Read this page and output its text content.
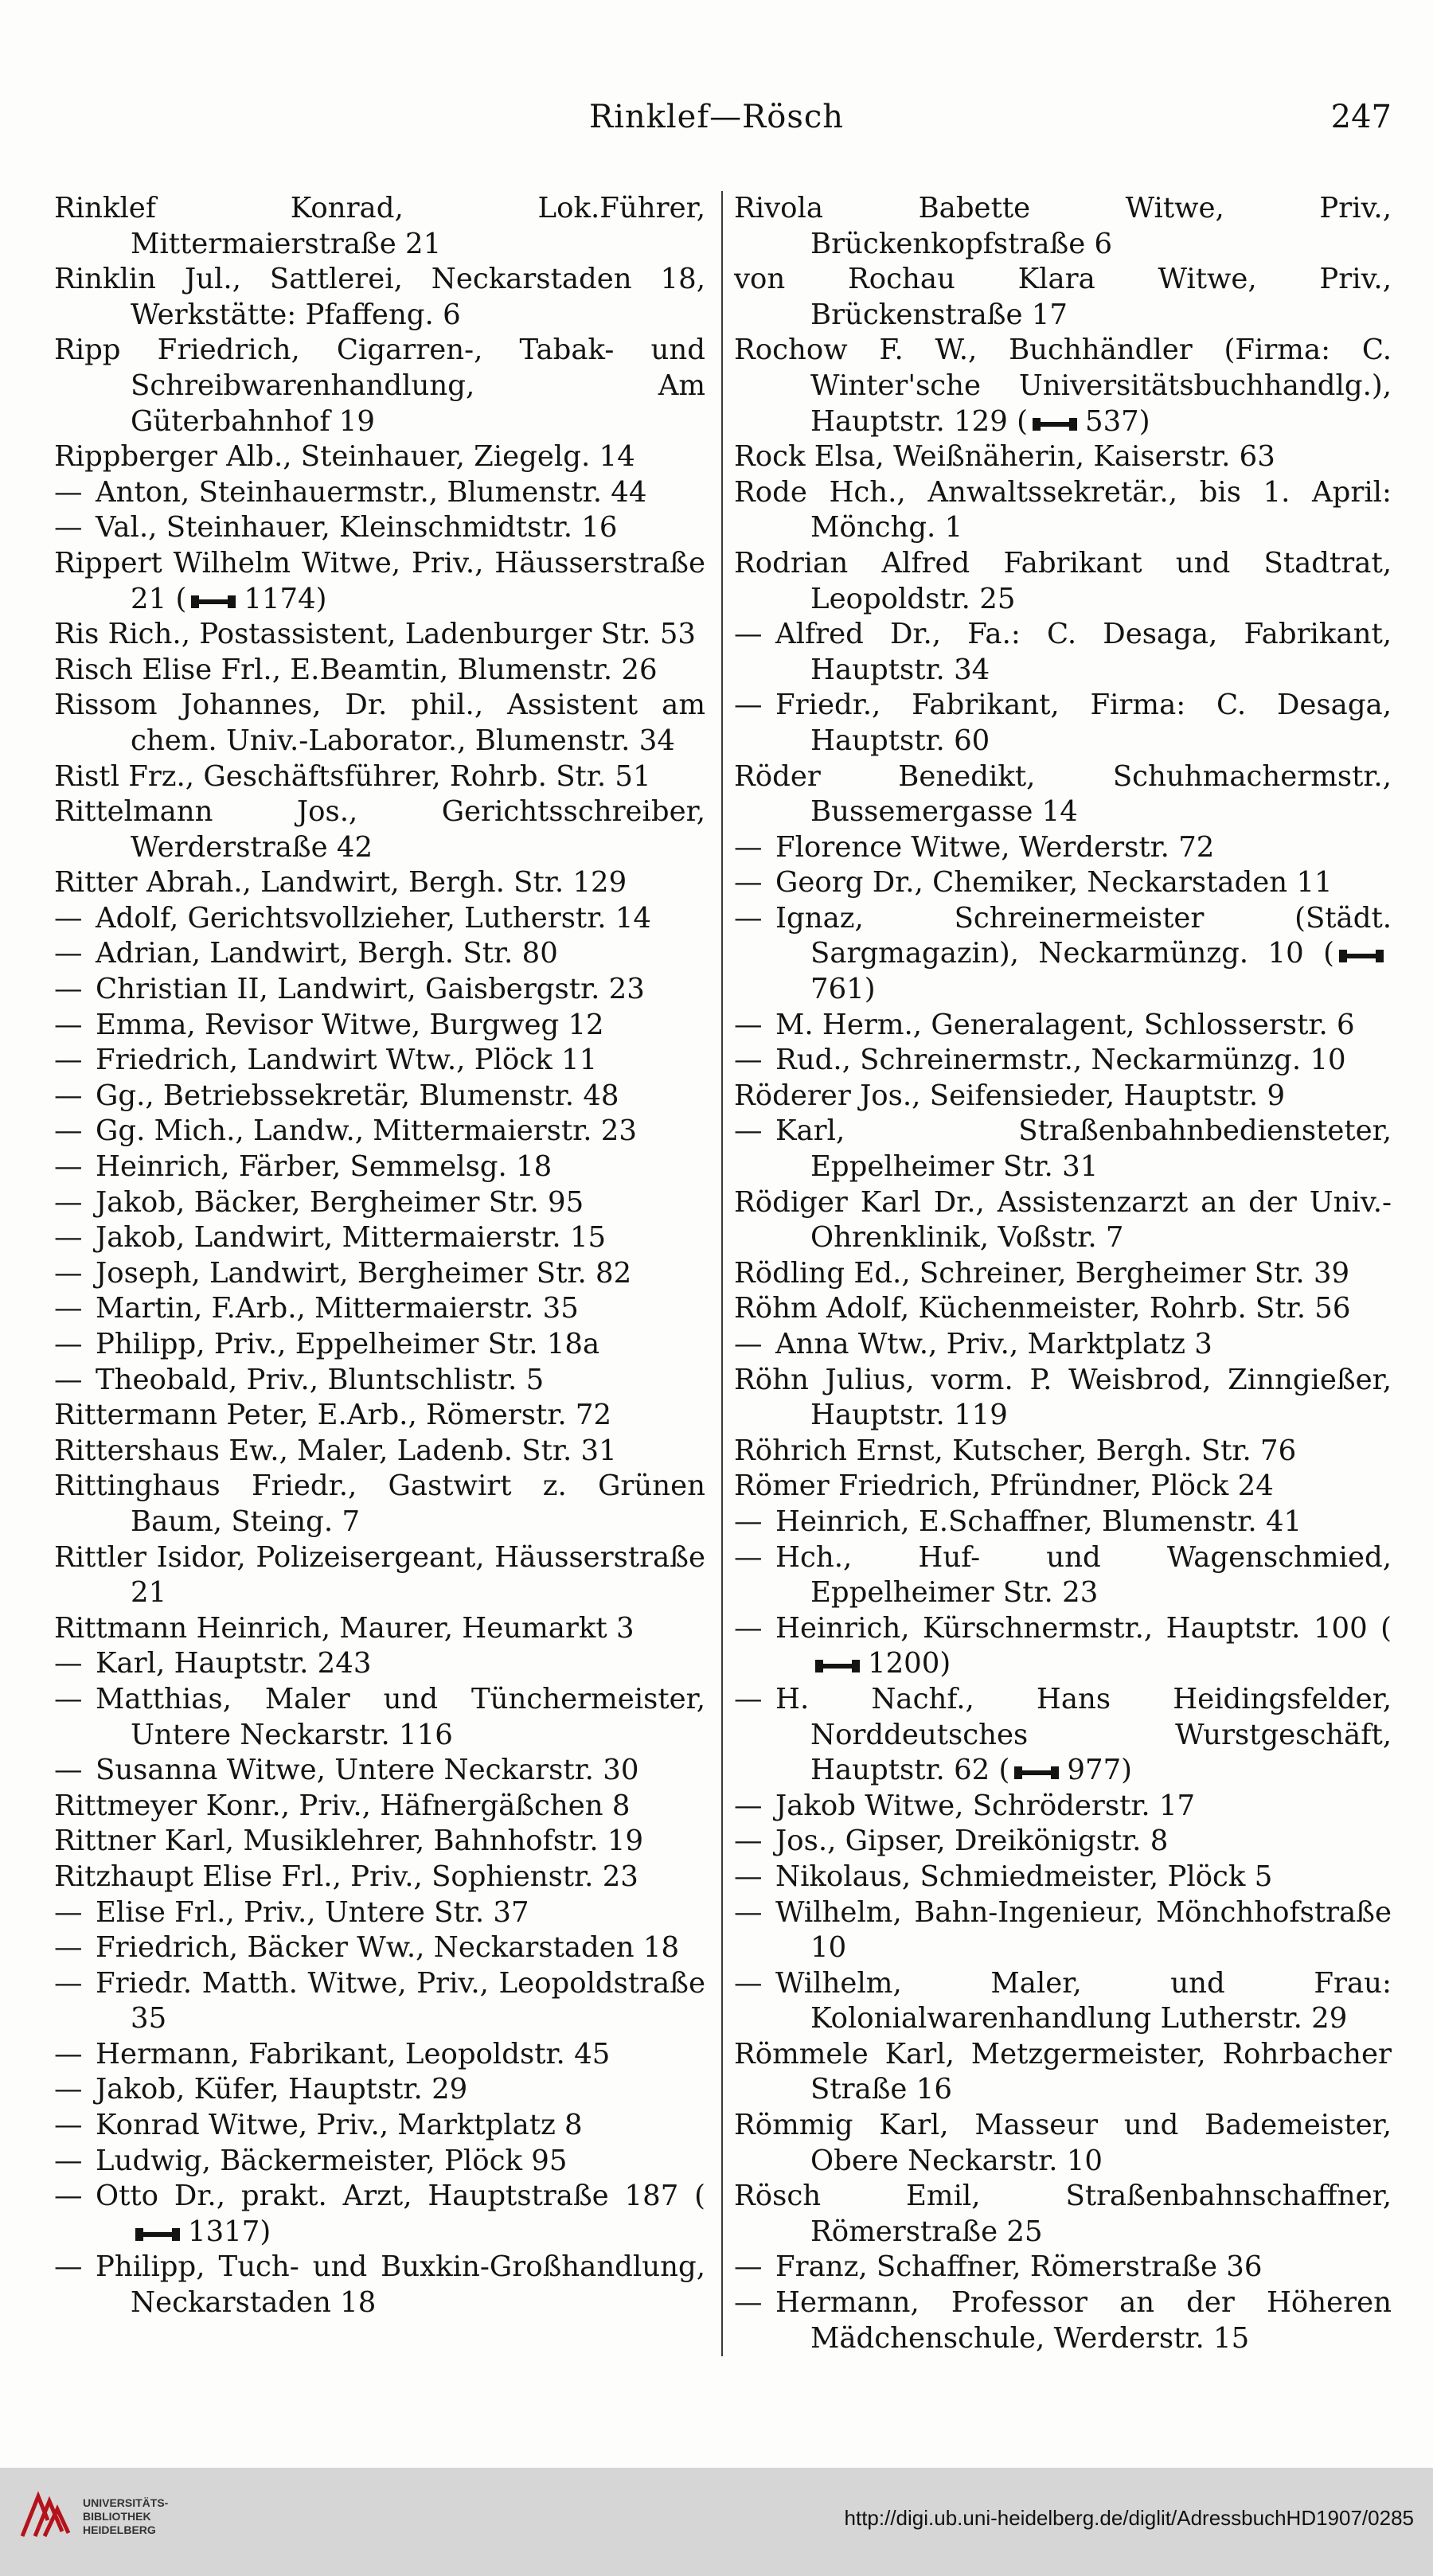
Rinklef—Rösch	247
Rinklef Konrad, Lok.Führer, Mittermaierstraße 21
Rinklin Jul., Sattlerei, Neckarstaden 18, Werkstätte: Pfaffeng. 6
Ripp Friedrich, Cigarren-, Tabak- und Schreibwarenhandlung, Am Güterbahnhof 19
Rippberger Alb., Steinhauer, Ziegelg. 14
— Anton, Steinhauermstr., Blumenstr. 44
— Val., Steinhauer, Kleinschmidtstr. 16
Rippert Wilhelm Witwe, Priv., Häusserstraße 21 ( 1174)
Ris Rich., Postassistent, Ladenburger Str. 53
Risch Elise Frl., E.Beamtin, Blumenstr. 26
Rissom Johannes, Dr. phil., Assistent am chem. Univ.-Laborator., Blumenstr. 34
Ristl Frz., Geschäftsführer, Rohrb. Str. 51
Rittelmann Jos., Gerichtsschreiber, Werderstraße 42
Ritter Abrah., Landwirt, Bergh. Str. 129
— Adolf, Gerichtsvollzieher, Lutherstr. 14
— Adrian, Landwirt, Bergh. Str. 80
— Christian II, Landwirt, Gaisbergstr. 23
— Emma, Revisor Witwe, Burgweg 12
— Friedrich, Landwirt Wtw., Plöck 11
— Gg., Betriebssekretär, Blumenstr. 48
— Gg. Mich., Landw., Mittermaierstr. 23
— Heinrich, Färber, Semmelsg. 18
— Jakob, Bäcker, Bergheimer Str. 95
— Jakob, Landwirt, Mittermaierstr. 15
— Joseph, Landwirt, Bergheimer Str. 82
— Martin, F.Arb., Mittermaierstr. 35
— Philipp, Priv., Eppelheimer Str. 18a
— Theobald, Priv., Bluntschlistr. 5
Rittermann Peter, E.Arb., Römerstr. 72
Rittershaus Ew., Maler, Ladenb. Str. 31
Rittinghaus Friedr., Gastwirt z. Grünen Baum, Steing. 7
Rittler Isidor, Polizeisergeant, Häusserstraße 21
Rittmann Heinrich, Maurer, Heumarkt 3
— Karl, Hauptstr. 243
— Matthias, Maler und Tünchermeister, Untere Neckarstr. 116
— Susanna Witwe, Untere Neckarstr. 30
Rittmeyer Konr., Priv., Häfnergäßchen 8
Rittner Karl, Musiklehrer, Bahnhofstr. 19
Ritzhaupt Elise Frl., Priv., Sophienstr. 23
— Elise Frl., Priv., Untere Str. 37
— Friedrich, Bäcker Ww., Neckarstaden 18
— Friedr. Matth. Witwe, Priv., Leopoldstraße 35
— Hermann, Fabrikant, Leopoldstr. 45
— Jakob, Küfer, Hauptstr. 29
— Konrad Witwe, Priv., Marktplatz 8
— Ludwig, Bäckermeister, Plöck 95
— Otto Dr., prakt. Arzt, Hauptstraße 187 (1317)
— Philipp, Tuch- und Buxkin-Großhandlung, Neckarstaden 18
Rivola Babette Witwe, Priv., Brückenkopfstraße 6
von Rochau Klara Witwe, Priv., Brückenstraße 17
Rochow F. W., Buchhändler (Firma: C. Winter'sche Universitätsbuchhandlg.), Hauptstr. 129 ( 537)
Rock Elsa, Weißnäherin, Kaiserstr. 63
Rode Hch., Anwaltssekretär., bis 1. April: Mönchg. 1
Rodrian Alfred Fabrikant und Stadtrat, Leopoldstr. 25
— Alfred Dr., Fa.: C. Desaga, Fabrikant, Hauptstr. 34
— Friedr., Fabrikant, Firma: C. Desaga, Hauptstr. 60
Röder Benedikt, Schuhmachermstr., Bussemergasse 14
— Florence Witwe, Werderstr. 72
— Georg Dr., Chemiker, Neckarstaden 11
— Ignaz, Schreinermeister (Städt. Sargmagazin), Neckarmünzg. 10 (761)
— M. Herm., Generalagent, Schlosserstr. 6
— Rud., Schreinermstr., Neckarmünzg. 10
Röderer Jos., Seifensieder, Hauptstr. 9
— Karl, Straßenbahnbediensteter, Eppelheimer Str. 31
Rödiger Karl Dr., Assistenzarzt an der Univ.-Ohrenklinik, Voßstr. 7
Rödling Ed., Schreiner, Bergheimer Str. 39
Röhm Adolf, Küchenmeister, Rohrb. Str. 56
— Anna Wtw., Priv., Marktplatz 3
Röhn Julius, vorm. P. Weisbrod, Zinngießer, Hauptstr. 119
Röhrich Ernst, Kutscher, Bergh. Str. 76
Römer Friedrich, Pfründner, Plöck 24
— Heinrich, E.Schaffner, Blumenstr. 41
— Hch., Huf- und Wagenschmied, Eppelheimer Str. 23
— Heinrich, Kürschnermstr., Hauptstr. 100 (1200)
— H. Nachf., Hans Heidingsfelder, Norddeutsches Wurstgeschäft, Hauptstr. 62 ( 977)
— Jakob Witwe, Schröderstr. 17
— Jos., Gipser, Dreikönigstr. 8
— Nikolaus, Schmiedmeister, Plöck 5
— Wilhelm, Bahn-Ingenieur, Mönchhofstraße 10
— Wilhelm, Maler, und Frau: Kolonialwarenhandlung Lutherstr. 29
Römmele Karl, Metzgermeister, Rohrbacher Straße 16
Römmig Karl, Masseur und Bademeister, Obere Neckarstr. 10
Rösch Emil, Straßenbahnschaffner, Römerstraße 25
— Franz, Schaffner, Römerstraße 36
— Hermann, Professor an der Höheren Mädchenschule, Werderstr. 15
UNIVERSITÄTS-
BIBLIOTHEK
HEIDELBERG	http://digi.ub.uni-heidelberg.de/diglit/AdressbuchHD1907/0285
